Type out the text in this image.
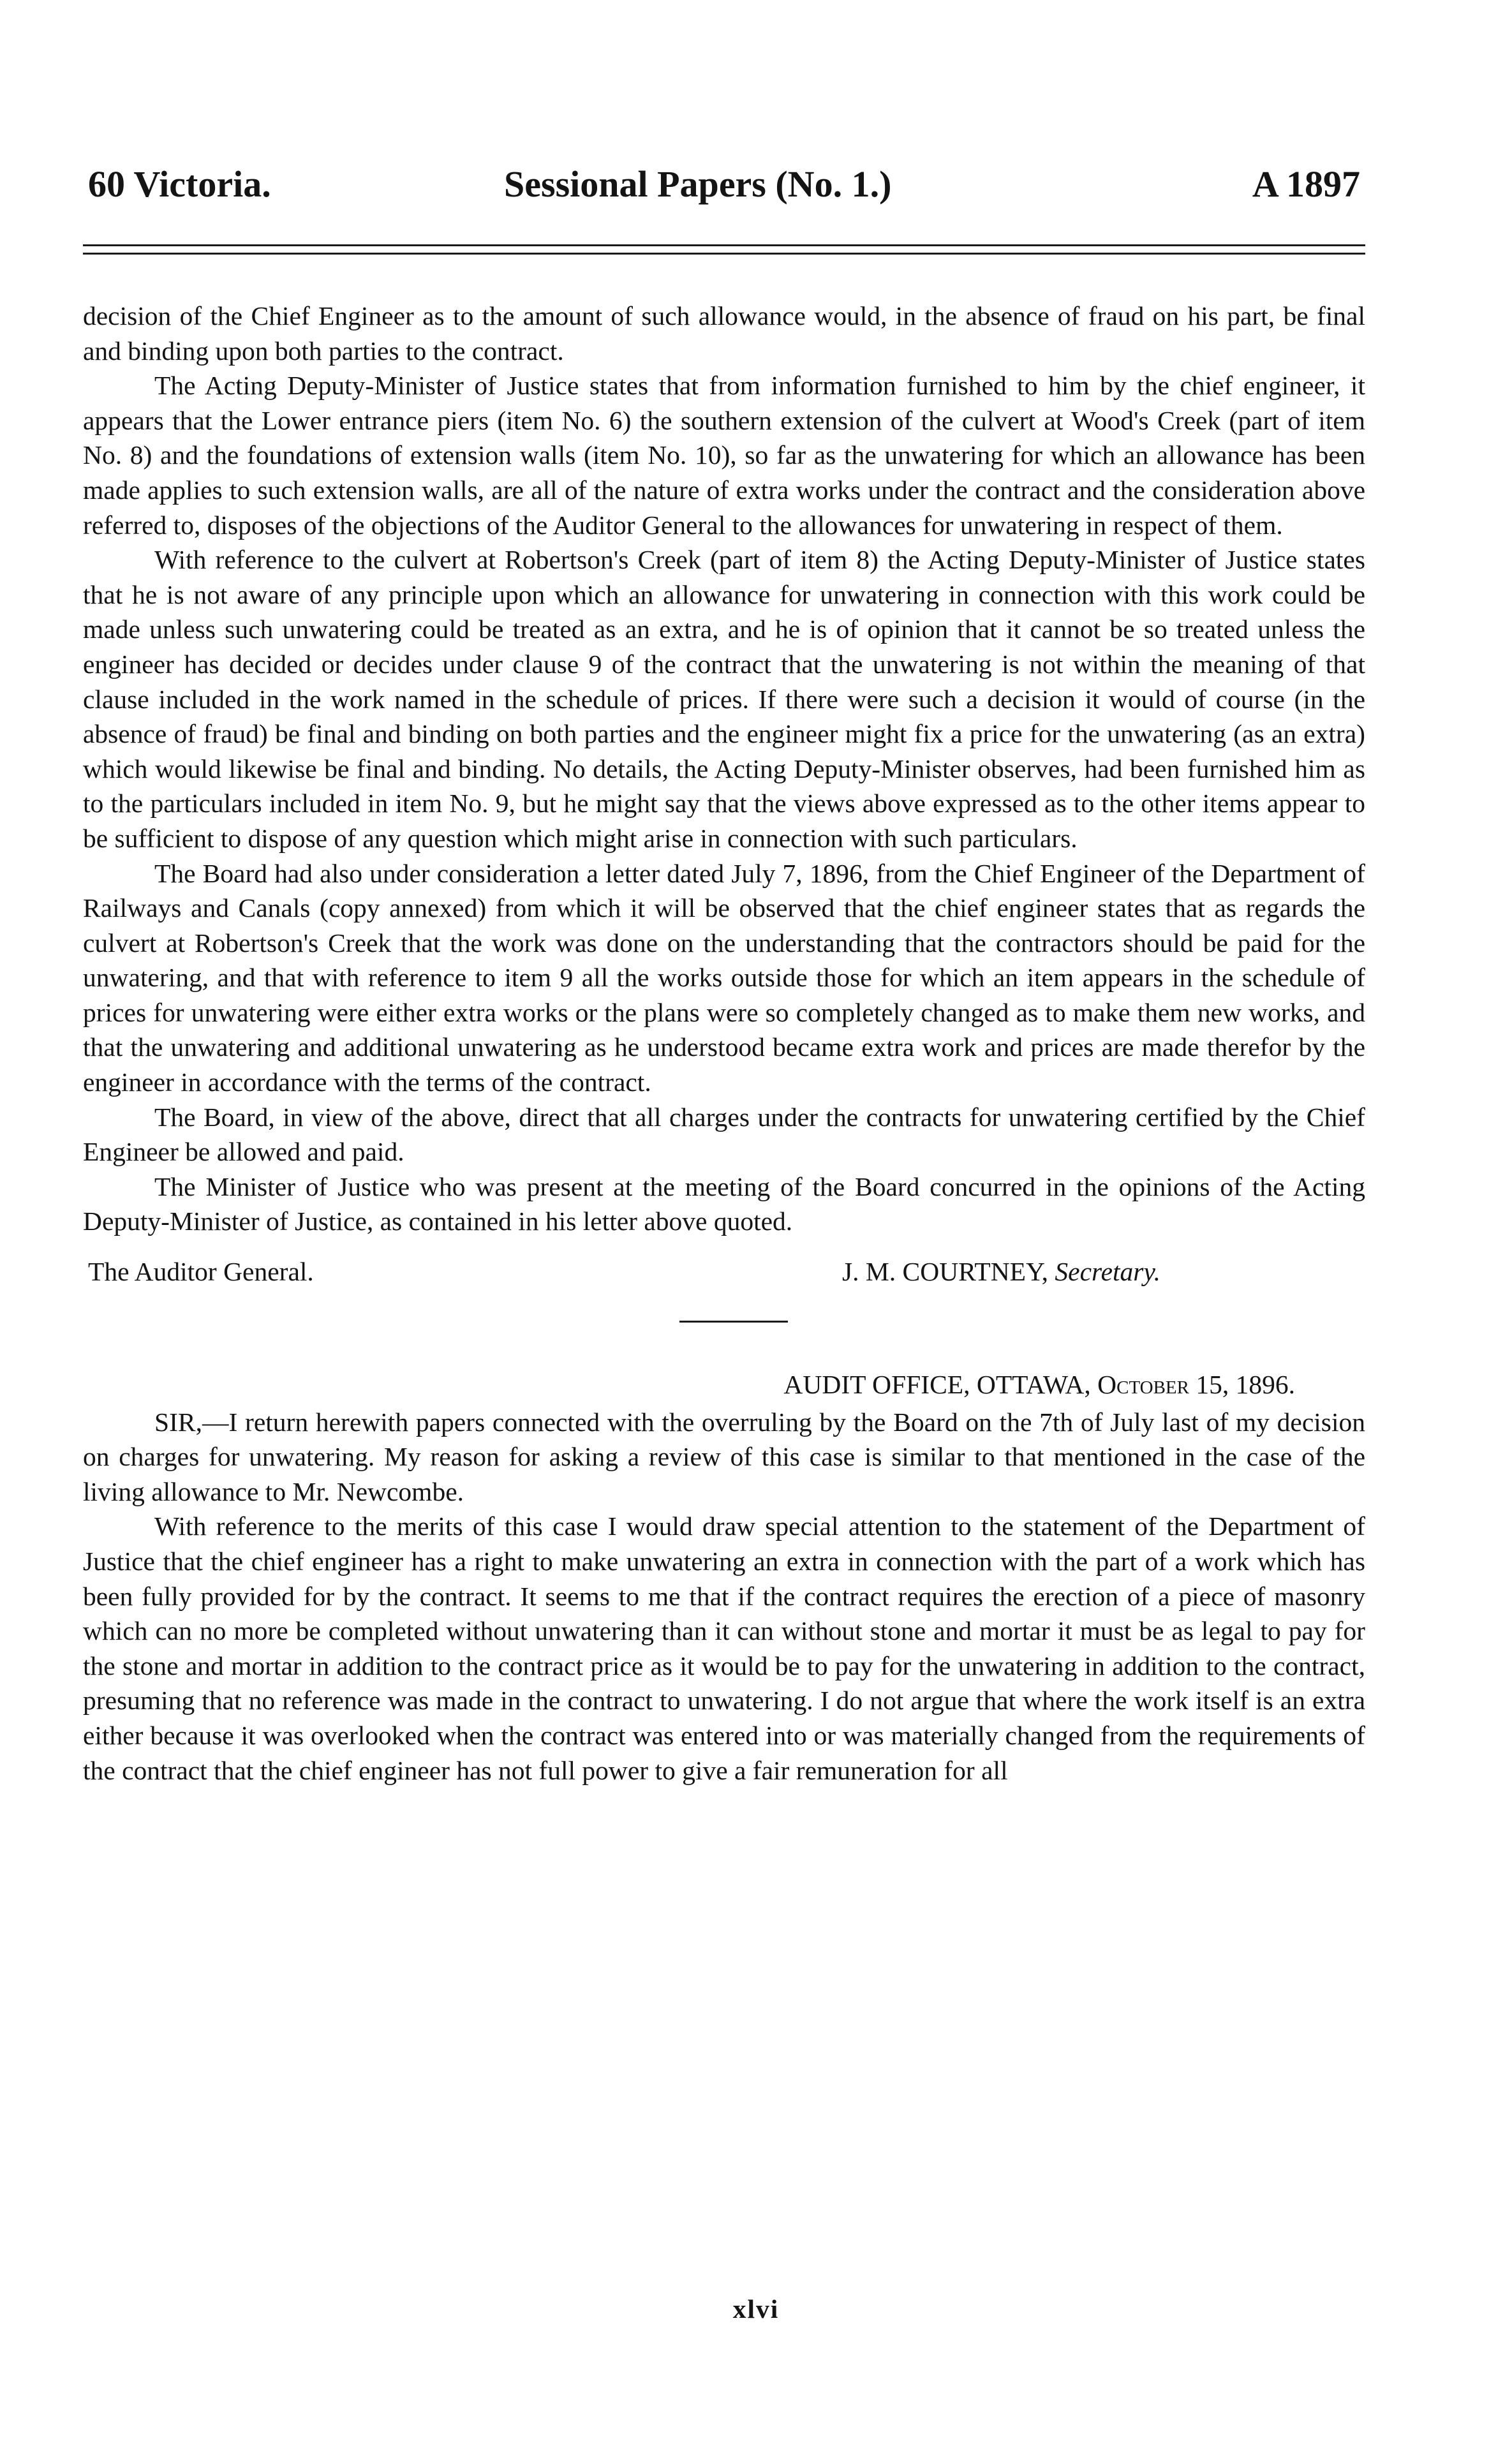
60 Victoria.	Sessional Papers (No. 1.)	A 1897

decision of the Chief Engineer as to the amount of such allowance would, in the absence of fraud on his part, be final and binding upon both parties to the contract.

The Acting Deputy-Minister of Justice states that from information furnished to him by the chief engineer, it appears that the Lower entrance piers (item No. 6) the southern extension of the culvert at Wood's Creek (part of item No. 8) and the foundations of extension walls (item No. 10), so far as the unwatering for which an allowance has been made applies to such extension walls, are all of the nature of extra works under the contract and the consideration above referred to, disposes of the objections of the Auditor General to the allowances for unwatering in respect of them.

With reference to the culvert at Robertson's Creek (part of item 8) the Acting Deputy-Minister of Justice states that he is not aware of any principle upon which an allowance for unwatering in connection with this work could be made unless such unwatering could be treated as an extra, and he is of opinion that it cannot be so treated unless the engineer has decided or decides under clause 9 of the contract that the unwatering is not within the meaning of that clause included in the work named in the schedule of prices. If there were such a decision it would of course (in the absence of fraud) be final and binding on both parties and the engineer might fix a price for the unwatering (as an extra) which would likewise be final and binding. No details, the Acting Deputy-Minister observes, had been furnished him as to the particulars included in item No. 9, but he might say that the views above expressed as to the other items appear to be sufficient to dispose of any question which might arise in connection with such particulars.

The Board had also under consideration a letter dated July 7, 1896, from the Chief Engineer of the Department of Railways and Canals (copy annexed) from which it will be observed that the chief engineer states that as regards the culvert at Robertson's Creek that the work was done on the understanding that the contractors should be paid for the unwatering, and that with reference to item 9 all the works outside those for which an item appears in the schedule of prices for unwatering were either extra works or the plans were so completely changed as to make them new works, and that the unwatering and additional unwatering as he understood became extra work and prices are made therefor by the engineer in accordance with the terms of the contract.

The Board, in view of the above, direct that all charges under the contracts for unwatering certified by the Chief Engineer be allowed and paid.

The Minister of Justice who was present at the meeting of the Board concurred in the opinions of the Acting Deputy-Minister of Justice, as contained in his letter above quoted.

The Auditor General.	J. M. COURTNEY, Secretary.
AUDIT OFFICE, OTTAWA, October 15, 1896.

SIR,—I return herewith papers connected with the overruling by the Board on the 7th of July last of my decision on charges for unwatering. My reason for asking a review of this case is similar to that mentioned in the case of the living allowance to Mr. Newcombe.

With reference to the merits of this case I would draw special attention to the statement of the Department of Justice that the chief engineer has a right to make unwatering an extra in connection with the part of a work which has been fully provided for by the contract. It seems to me that if the contract requires the erection of a piece of masonry which can no more be completed without unwatering than it can without stone and mortar it must be as legal to pay for the stone and mortar in addition to the contract price as it would be to pay for the unwatering in addition to the contract, presuming that no reference was made in the contract to unwatering. I do not argue that where the work itself is an extra either because it was overlooked when the contract was entered into or was materially changed from the requirements of the contract that the chief engineer has not full power to give a fair remuneration for all

xlvi
